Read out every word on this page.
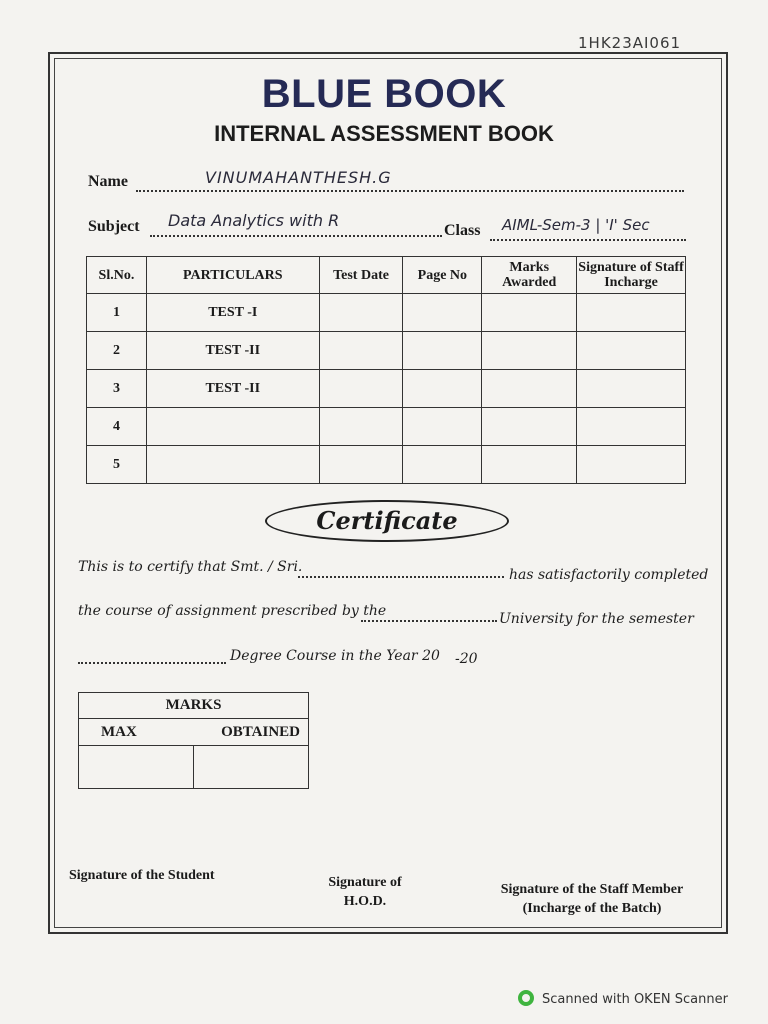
1HK23AI061
BLUE BOOK
INTERNAL ASSESSMENT BOOK
Name	VINUMAHANTHESH.G
Subject Data Analytics with R
Class AIML-Sem-3 | 'I' Sec
Sl.No.	PARTICULARS	Test Date	Page No	Marks Awarded	Signature of Staff Incharge
1	TEST -I				
2	TEST -II				
3	TEST -II				
4					
5					
Certificate
This is to certify that Smt. / Sri.	has satisfactorily completed
the course of assignment prescribed by the	University for the semester
Degree Course in the Year 20 -20
MARKS	
MAX	OBTAINED

Signature of the Student	Signature of
H.O.D.
Signature of the Staff Member
(Incharge of the Batch)
Scanned with OKEN Scanner
